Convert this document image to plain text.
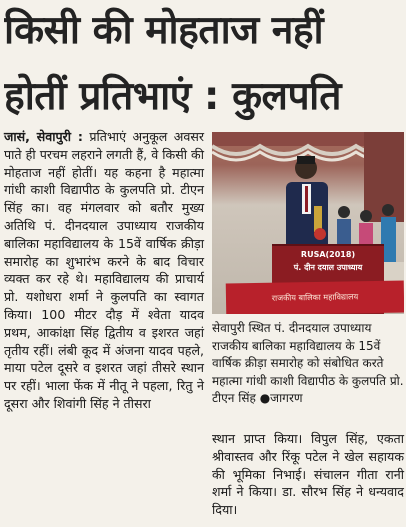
किसी की मोहताज नहीं
होतीं प्रतिभाएं : कुलपति

जासं, सेवापुरी : प्रतिभाएं अनुकूल अवसर पाते ही परचम लहराने लगती हैं, वे किसी की मोहताज नहीं होतीं। यह कहना है महात्मा गांधी काशी विद्यापीठ के कुलपति प्रो. टीएन सिंह का। वह मंगलवार को बतौर मुख्य अतिथि पं. दीनदयाल उपाध्याय राजकीय बालिका महाविद्यालय के 15वें वार्षिक क्रीड़ा समारोह का शुभारंभ करने के बाद विचार व्यक्त कर रहे थे। महाविद्यालय की प्राचार्य प्रो. यशोधरा शर्मा ने कुलपति का स्वागत किया। 100 मीटर दौड़ में श्वेता यादव प्रथम, आकांक्षा सिंह द्वितीय व इशरत जहां तृतीय रहीं। लंबी कूद में अंजना यादव पहले, माया पटेल दूसरे व इशरत जहां तीसरे स्थान पर रहीं। भाला फेंक में नीतू ने पहला, रितु ने दूसरा और शिवांगी सिंह ने तीसरा

RUSA(2018)
पं. दीन दयाल उपाध्याय
राजकीय बालिका महाविद्यालय
सेवापुरी स्थित पं. दीनदयाल उपाध्याय राजकीय बालिका महाविद्यालय के 15वें वार्षिक क्रीड़ा समारोह को संबोधित करते महात्मा गांधी काशी विद्यापीठ के कुलपति प्रो. टीएन सिंह ●जागरण

स्थान प्राप्त किया। विपुल सिंह, एकता श्रीवास्तव और रिंकू पटेल ने खेल सहायक की भूमिका निभाई। संचालन गीता रानी शर्मा ने किया। डा. सौरभ सिंह ने धन्यवाद दिया।
